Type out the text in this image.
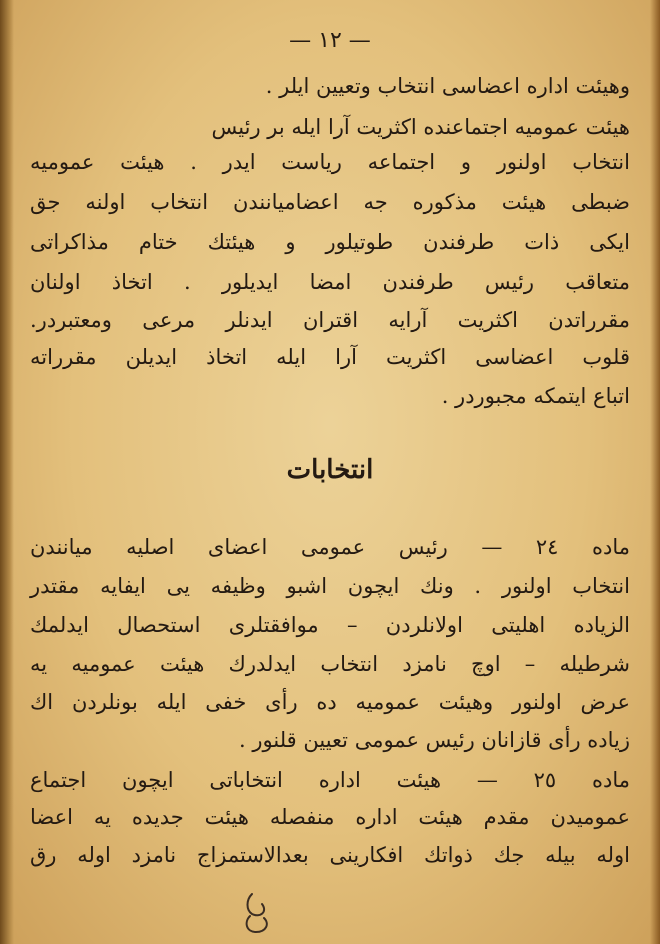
— ١٢ —
وهيئت اداره اعضاسى انتخاب وتعيين ايلر .
هيئت عموميه اجتماعنده اكثريت آرا ايله بر رئيس
انتخاب اولنور و اجتماعه رياست ايدر . هيئت عموميه
ضبطى هيئت مذكوره جه اعضاميانندن انتخاب اولنه جق
ايكى ذات طرفندن طوتيلور و هيئتك ختام مذاكراتى
متعاقب رئيس طرفندن امضا ايديلور . اتخاذ اولنان
مقرراتدن اكثريت آرايه اقتران ايدنلر مرعى ومعتبردر.
قلوب اعضاسى اكثريت آرا ايله اتخاذ ايديلن مقرراته
اتباع ايتمكه مجبوردر .
انتخابات
ماده ٢٤ — رئيس عمومى اعضاى اصليه ميانندن
انتخاب اولنور . ونك ايچون اشبو وظيفه يى ايفايه مقتدر
الزياده اهليتى اولانلردن – موافقتلرى استحصال ايدلمك
شرطيله – اوچ نامزد انتخاب ايدلدرك هيئت عموميه يه
عرض اولنور وهيئت عموميه ده رأى خفى ايله بونلردن اك
زياده رأى قازانان رئيس عمومى تعيين قلنور .
ماده ٢٥ — هيئت اداره انتخاباتى ايچون اجتماع
عموميدن مقدم هيئت اداره منفصله هيئت جديده يه اعضا
اوله بيله جك ذواتك افكارينى بعدالاستمزاج نامزد اوله رق
